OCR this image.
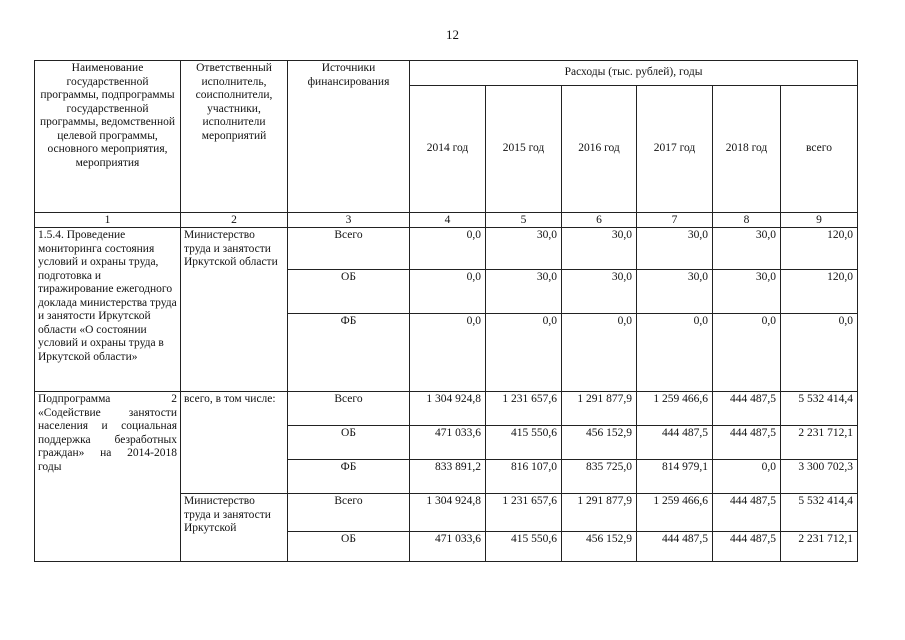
12
Наименование государственной программы, подпрограммы государственной программы, ведомственной целевой программы, основного мероприятия, мероприятия	Ответственный исполнитель, соисполнители, участники, исполнители мероприятий	Источники финансирования	Расходы (тыс. рублей), годы					
			2014 год	2015 год	2016 год	2017 год	2018 год	всего
1	2	3	4	5	6	7	8	9
1.5.4. Проведение мониторинга состояния условий и охраны труда, подготовка и тиражирование ежегодного доклада министерства труда и занятости Иркутской области «О состоянии условий и охраны труда в Иркутской области»	Министерство труда и занятости Иркутской области	Всего	0,0	30,0	30,0	30,0	30,0	120,0
		ОБ	0,0	30,0	30,0	30,0	30,0	120,0
		ФБ	0,0	0,0	0,0	0,0	0,0	0,0
Подпрограмма 2 «Содействие занятости населения и социальная поддержка безработных граждан» на 2014-2018 годы	всего, в том числе:	Всего	1 304 924,8	1 231 657,6	1 291 877,9	1 259 466,6	444 487,5	5 532 414,4
		ОБ	471 033,6	415 550,6	456 152,9	444 487,5	444 487,5	2 231 712,1
		ФБ	833 891,2	816 107,0	835 725,0	814 979,1	0,0	3 300 702,3
	Министерство труда и занятости Иркутской	Всего	1 304 924,8	1 231 657,6	1 291 877,9	1 259 466,6	444 487,5	5 532 414,4
		ОБ	471 033,6	415 550,6	456 152,9	444 487,5	444 487,5	2 231 712,1
